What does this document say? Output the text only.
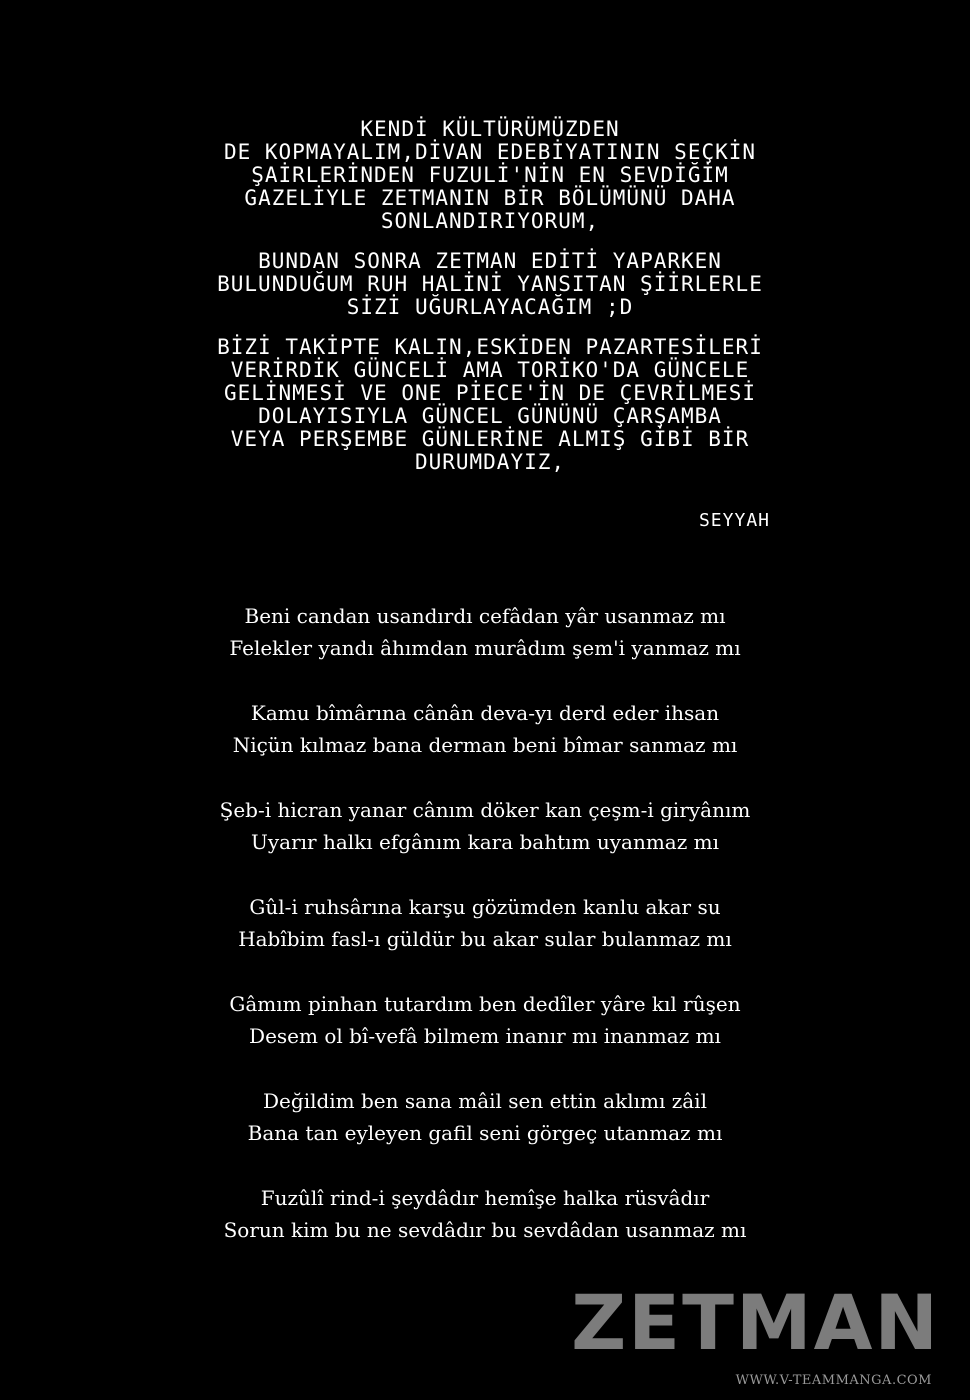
KENDİ KÜLTÜRÜMÜZDEN
DE KOPMAYALIM,DİVAN EDEBİYATININ SEÇKİN
ŞAİRLERİNDEN FUZULİ'NİN EN SEVDİĞİM
GAZELİYLE ZETMANIN BİR BÖLÜMÜNÜ DAHA
SONLANDIRIYORUM,
BUNDAN SONRA ZETMAN EDİTİ YAPARKEN
BULUNDUĞUM RUH HALİNİ YANSITAN ŞİİRLERLE
SİZİ UĞURLAYACAĞIM ;D
BİZİ TAKİPTE KALIN,ESKİDEN PAZARTESİLERİ
VERİRDİK GÜNCELİ AMA TORİKO'DA GÜNCELE
GELİNMESİ VE ONE PİECE'İN DE ÇEVRİLMESİ
DOLAYISIYLA GÜNCEL GÜNÜNÜ ÇARŞAMBA
VEYA PERŞEMBE GÜNLERİNE ALMIŞ GİBİ BİR
DURUMDAYIZ,
SEYYAH
Beni candan usandırdı cefâdan yâr usanmaz mı
Felekler yandı âhımdan murâdım şem'i yanmaz mı
Kamu bîmârına cânân deva-yı derd eder ihsan
Niçün kılmaz bana derman beni bîmar sanmaz mı
Şeb-i hicran yanar cânım döker kan çeşm-i giryânım
Uyarır halkı efgânım kara bahtım uyanmaz mı
Gûl-i ruhsârına karşu gözümden kanlu akar su
Habîbim fasl-ı güldür bu akar sular bulanmaz mı
Gâmım pinhan tutardım ben dedîler yâre kıl rûşen
Desem ol bî-vefâ bilmem inanır mı inanmaz mı
Değildim ben sana mâil sen ettin aklımı zâil
Bana tan eyleyen gafil seni görgeç utanmaz mı
Fuzûlî rind-i şeydâdır hemîşe halka rüsvâdır
Sorun kim bu ne sevdâdır bu sevdâdan usanmaz mı
ZETMAN
WWW.V-TEAMMANGA.COM
